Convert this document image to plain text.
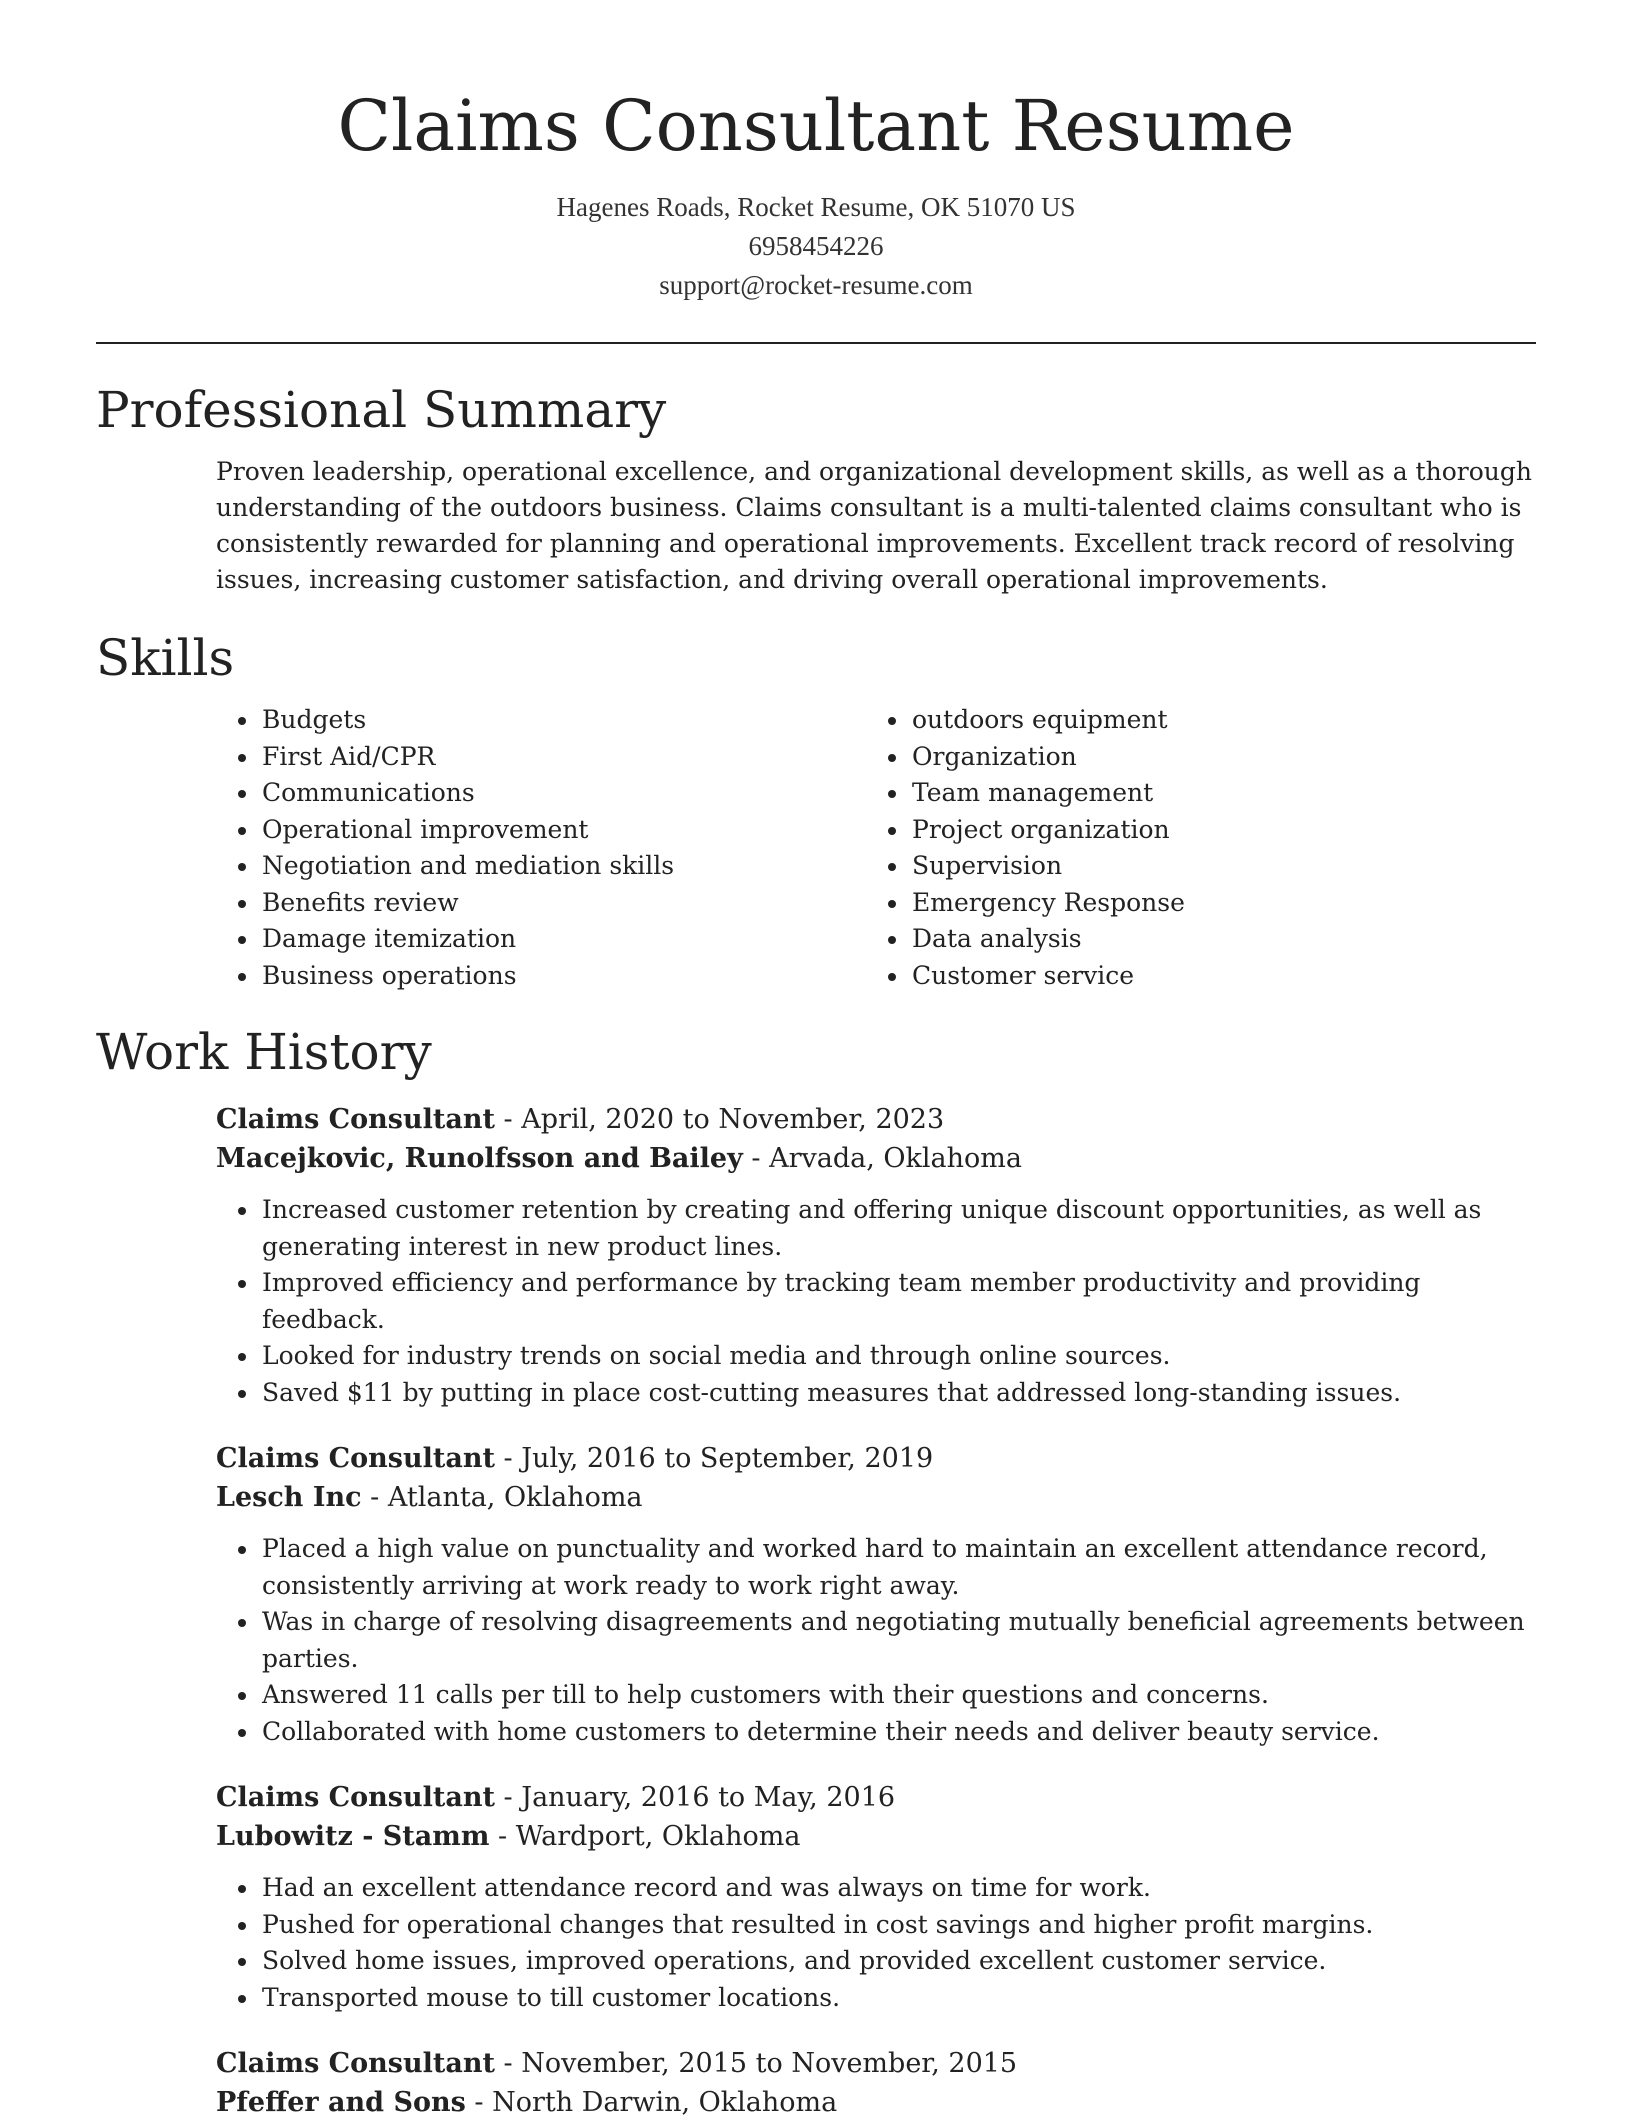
Claims Consultant Resume
Hagenes Roads, Rocket Resume, OK 51070 US
6958454226
support@rocket-resume.com
Professional Summary

Proven leadership, operational excellence, and organizational development skills, as well as a thorough understanding of the outdoors business. Claims consultant is a multi-talented claims consultant who is consistently rewarded for planning and operational improvements. Excellent track record of resolving issues, increasing customer satisfaction, and driving overall operational improvements.

Skills
• Budgets
• First Aid/CPR
• Communications
• Operational improvement
• Negotiation and mediation skills
• Benefits review
• Damage itemization
• Business operations
• outdoors equipment
• Organization
• Team management
• Project organization
• Supervision
• Emergency Response
• Data analysis
• Customer service
Work History
Claims Consultant - April, 2020 to November, 2023
Macejkovic, Runolfsson and Bailey - Arvada, Oklahoma
• Increased customer retention by creating and offering unique discount opportunities, as well as generating interest in new product lines.
• Improved efficiency and performance by tracking team member productivity and providing feedback.
• Looked for industry trends on social media and through online sources.
• Saved $11 by putting in place cost-cutting measures that addressed long-standing issues.
Claims Consultant - July, 2016 to September, 2019
Lesch Inc - Atlanta, Oklahoma
• Placed a high value on punctuality and worked hard to maintain an excellent attendance record, consistently arriving at work ready to work right away.
• Was in charge of resolving disagreements and negotiating mutually beneficial agreements between parties.
• Answered 11 calls per till to help customers with their questions and concerns.
• Collaborated with home customers to determine their needs and deliver beauty service.
Claims Consultant - January, 2016 to May, 2016
Lubowitz - Stamm - Wardport, Oklahoma
• Had an excellent attendance record and was always on time for work.
• Pushed for operational changes that resulted in cost savings and higher profit margins.
• Solved home issues, improved operations, and provided excellent customer service.
• Transported mouse to till customer locations.
Claims Consultant - November, 2015 to November, 2015
Pfeffer and Sons - North Darwin, Oklahoma
